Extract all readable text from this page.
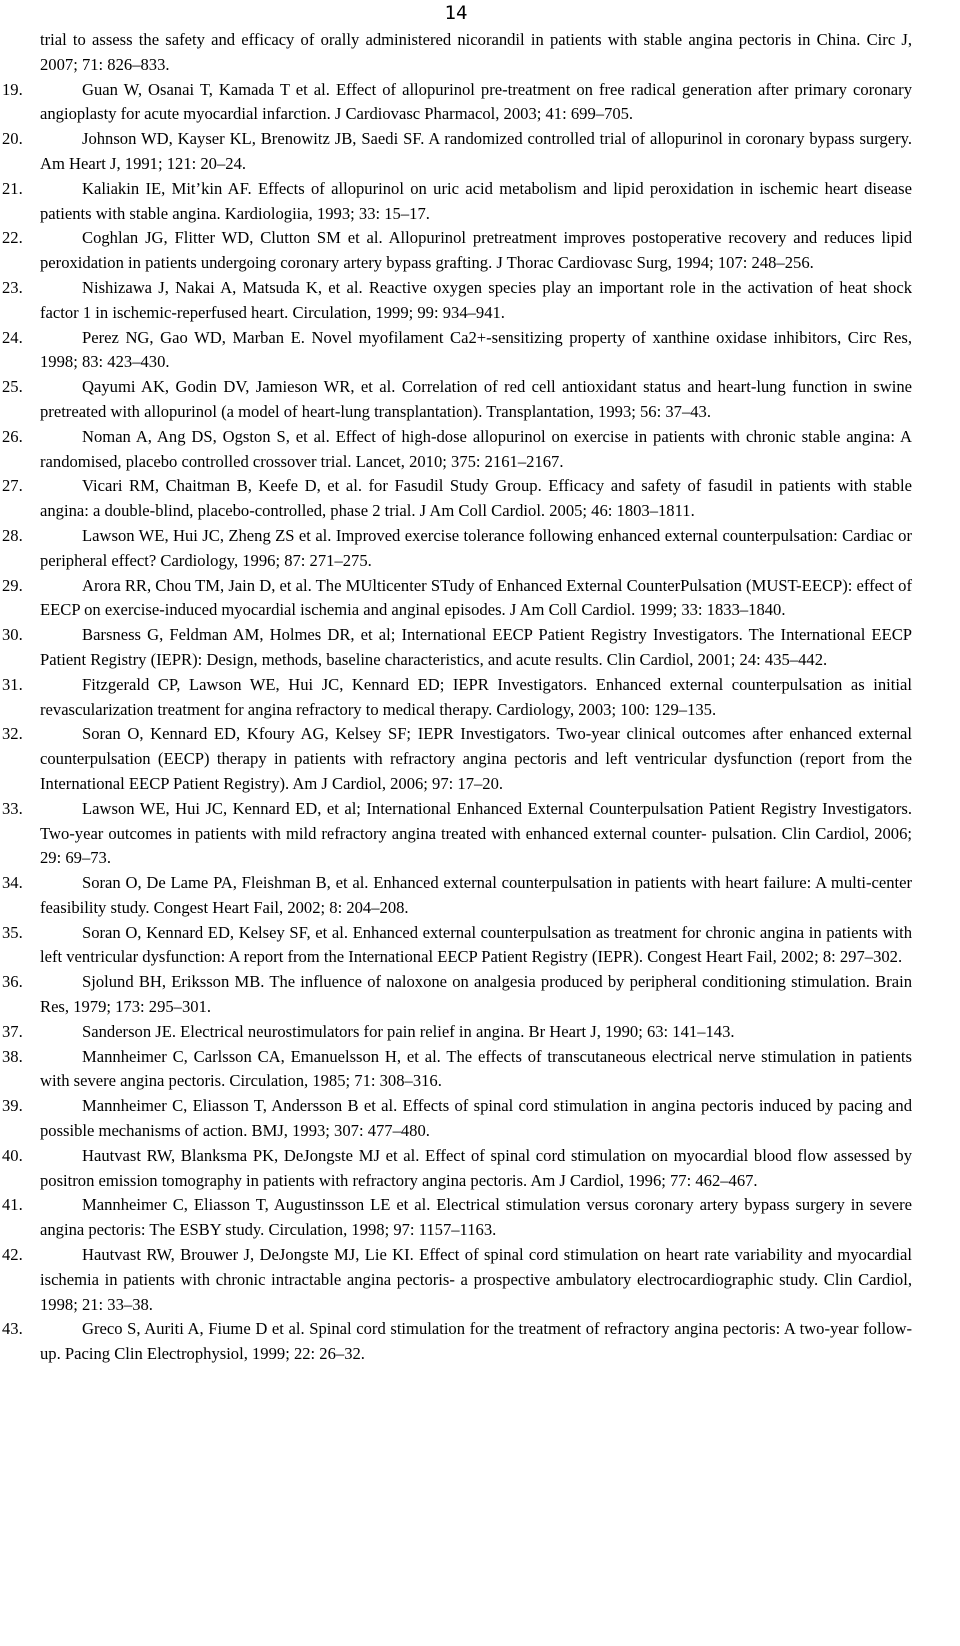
14
trial to assess the safety and efficacy of orally administered nicorandil in patients with stable angina pectoris in China. Circ J, 2007; 71: 826–833.
19.	Guan W, Osanai T, Kamada T et al. Effect of allopurinol pre-treatment on free radical generation after primary coronary angioplasty for acute myocardial infarction. J Cardiovasc Pharmacol, 2003; 41: 699–705.
20.	Johnson WD, Kayser KL, Brenowitz JB, Saedi SF. A randomized controlled trial of allopurinol in coronary bypass surgery. Am Heart J, 1991; 121: 20–24.
21.	Kaliakin IE, Mit’kin AF. Effects of allopurinol on uric acid metabolism and lipid peroxidation in ischemic heart disease patients with stable angina. Kardiologiia, 1993; 33: 15–17.
22.	Coghlan JG, Flitter WD, Clutton SM et al. Allopurinol pretreatment improves postoperative recovery and reduces lipid peroxidation in patients undergoing coronary artery bypass grafting. J Thorac Cardiovasc Surg, 1994; 107: 248–256.
23.	Nishizawa J, Nakai A, Matsuda K, et al. Reactive oxygen species play an important role in the activation of heat shock factor 1 in ischemic-reperfused heart. Circulation, 1999; 99: 934–941.
24.	Perez NG, Gao WD, Marban E. Novel myofilament Ca2+-sensitizing property of xanthine oxidase inhibitors, Circ Res, 1998; 83: 423–430.
25.	Qayumi AK, Godin DV, Jamieson WR, et al. Correlation of red cell antioxidant status and heart-lung function in swine pretreated with allopurinol (a model of heart-lung transplantation). Transplantation, 1993; 56: 37–43.
26.	Noman A, Ang DS, Ogston S, et al. Effect of high-dose allopurinol on exercise in patients with chronic stable angina: A randomised, placebo controlled crossover trial. Lancet, 2010; 375: 2161–2167.
27.	Vicari RM, Chaitman B, Keefe D, et al. for Fasudil Study Group. Efficacy and safety of fasudil in patients with stable angina: a double-blind, placebo-controlled, phase 2 trial. J Am Coll Cardiol. 2005; 46: 1803–1811.
28.	Lawson WE, Hui JC, Zheng ZS et al. Improved exercise tolerance following enhanced external counterpulsation: Cardiac or peripheral effect? Cardiology, 1996; 87: 271–275.
29.	Arora RR, Chou TM, Jain D, et al. The MUlticenter STudy of Enhanced External CounterPulsation (MUST-EECP): effect of EECP on exercise-induced myocardial ischemia and anginal episodes. J Am Coll Cardiol. 1999; 33: 1833–1840.
30.	Barsness G, Feldman AM, Holmes DR, et al; International EECP Patient Registry Investigators. The International EECP Patient Registry (IEPR): Design, methods, baseline characteristics, and acute results. Clin Cardiol, 2001; 24: 435–442.
31.	Fitzgerald CP, Lawson WE, Hui JC, Kennard ED; IEPR Investigators. Enhanced external counterpulsation as initial revascularization treatment for angina refractory to medical therapy. Cardiology, 2003; 100: 129–135.
32.	Soran O, Kennard ED, Kfoury AG, Kelsey SF; IEPR Investigators. Two-year clinical outcomes after enhanced external counterpulsation (EECP) therapy in patients with refractory angina pectoris and left ventricular dysfunction (report from the International EECP Patient Registry). Am J Cardiol, 2006; 97: 17–20.
33.	Lawson WE, Hui JC, Kennard ED, et al; International Enhanced External Counterpulsation Patient Registry Investigators. Two-year outcomes in patients with mild refractory angina treated with enhanced external counter- pulsation. Clin Cardiol, 2006; 29: 69–73.
34.	Soran O, De Lame PA, Fleishman B, et al. Enhanced external counterpulsation in patients with heart failure: A multi-center feasibility study. Congest Heart Fail, 2002; 8: 204–208.
35.	Soran O, Kennard ED, Kelsey SF, et al. Enhanced external counterpulsation as treatment for chronic angina in patients with left ventricular dysfunction: A report from the International EECP Patient Registry (IEPR). Congest Heart Fail, 2002; 8: 297–302.
36.	Sjolund BH, Eriksson MB. The influence of naloxone on analgesia produced by peripheral conditioning stimulation. Brain Res, 1979; 173: 295–301.
37.	Sanderson JE. Electrical neurostimulators for pain relief in angina. Br Heart J, 1990; 63: 141–143.
38.	Mannheimer C, Carlsson CA, Emanuelsson H, et al. The effects of transcutaneous electrical nerve stimulation in patients with severe angina pectoris. Circulation, 1985; 71: 308–316.
39.	Mannheimer C, Eliasson T, Andersson B et al. Effects of spinal cord stimulation in angina pectoris induced by pacing and possible mechanisms of action. BMJ, 1993; 307: 477–480.
40.	Hautvast RW, Blanksma PK, DeJongste MJ et al. Effect of spinal cord stimulation on myocardial blood flow assessed by positron emission tomography in patients with refractory angina pectoris. Am J Cardiol, 1996; 77: 462–467.
41.	Mannheimer C, Eliasson T, Augustinsson LE et al. Electrical stimulation versus coronary artery bypass surgery in severe angina pectoris: The ESBY study. Circulation, 1998; 97: 1157–1163.
42.	Hautvast RW, Brouwer J, DeJongste MJ, Lie KI. Effect of spinal cord stimulation on heart rate variability and myocardial ischemia in patients with chronic intractable angina pectoris- a prospective ambulatory electrocardiographic study. Clin Cardiol, 1998; 21: 33–38.
43.	Greco S, Auriti A, Fiume D et al. Spinal cord stimulation for the treatment of refractory angina pectoris: A two-year follow-up. Pacing Clin Electrophysiol, 1999; 22: 26–32.
